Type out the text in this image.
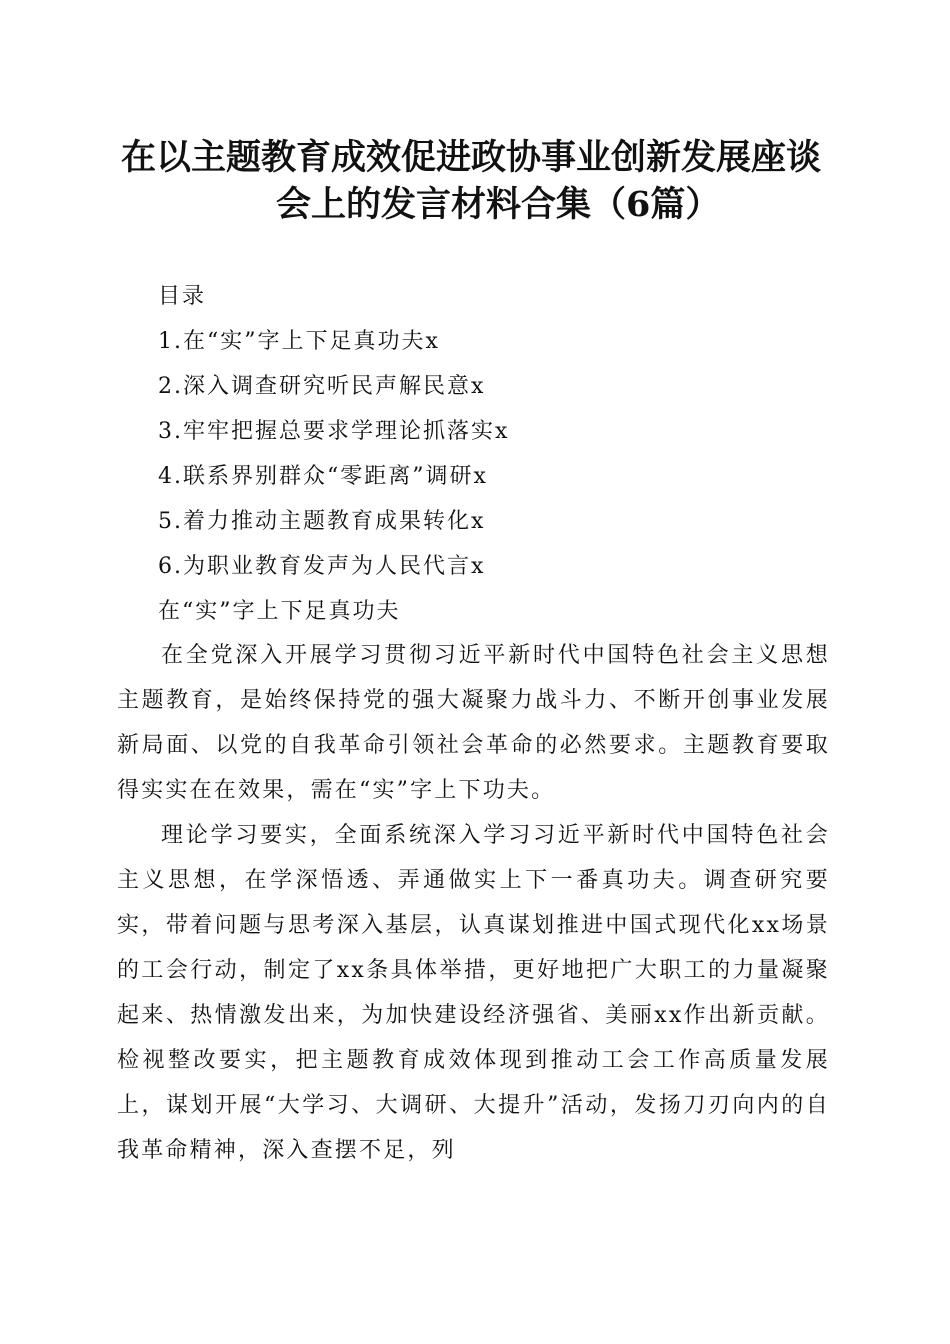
在以主题教育成效促进政协事业创新发展座谈
会上的发言材料合集（6篇）
目录
1.在“实”字上下足真功夫x
2.深入调查研究听民声解民意x
3.牢牢把握总要求学理论抓落实x
4.联系界别群众“零距离”调研x
5.着力推动主题教育成果转化x
6.为职业教育发声为人民代言x
在“实”字上下足真功夫

在全党深入开展学习贯彻习近平新时代中国特色社会主义思想主题教育，是始终保持党的强大凝聚力战斗力、不断开创事业发展新局面、以党的自我革命引领社会革命的必然要求。主题教育要取得实实在在效果，需在“实”字上下功夫。

理论学习要实，全面系统深入学习习近平新时代中国特色社会主义思想，在学深悟透、弄通做实上下一番真功夫。调查研究要实，带着问题与思考深入基层，认真谋划推进中国式现代化xx场景的工会行动，制定了xx条具体举措，更好地把广大职工的力量凝聚起来、热情激发出来，为加快建设经济强省、美丽xx作出新贡献。检视整改要实，把主题教育成效体现到推动工会工作高质量发展上，谋划开展“大学习、大调研、大提升”活动，发扬刀刃向内的自我革命精神，深入查摆不足，列
